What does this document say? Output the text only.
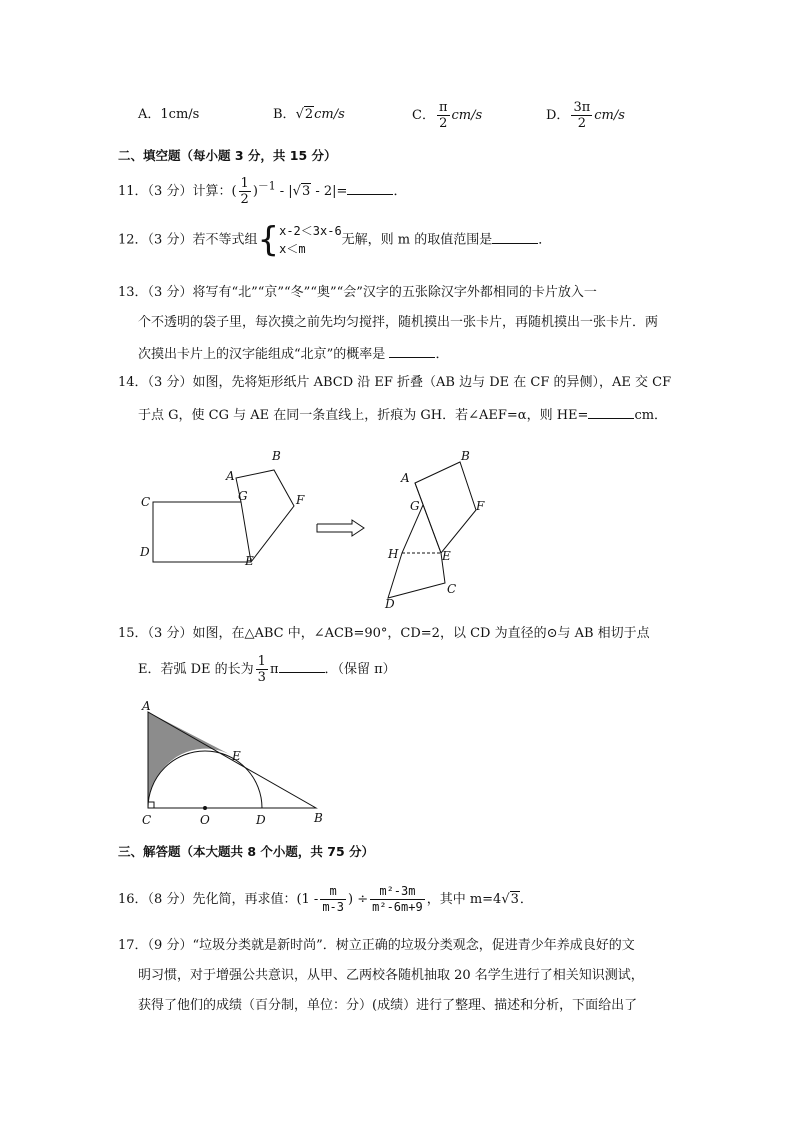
A．1cm/s	B．√2cm/s	C． $\frac{\pi}{2} cm/s$	D． $\frac{3\pi}{2} cm/s$
二、填空题（每小题 3 分，共 15 分）
11．（3 分）计算：( $\frac{1}{2} )^{-1} - |√3 - 2|=$	．
12．（3 分）若不等式组{ x-2＜3x-6
x＜m
无解，则 m 的取值范围是	．
13．（3 分）将写有“北”“京”“冬”“奥”“会”汉字的五张除汉字外都相同的卡片放入一
个不透明的袋子里，每次摸之前先均匀搅拌，随机摸出一张卡片，再随机摸出一张卡片．两
次摸出卡片上的汉字能组成“北京”的概率是	．
14．（3 分）如图，先将矩形纸片 ABCD 沿 EF 折叠（AB 边与 DE 在 CF 的异侧），AE 交 CF
于点 G，使 CG 与 AE 在同一条直线上，折痕为 GH．若∠AEF=α，则 HE=	cm．
A
B
C
D
E
F
G
A
B
C
D
E
F
G
H
15．（3 分）如图，在△ABC 中，∠ACB=90°，CD=2，以 CD 为直径的⊙与 AB 相切于点
E．若弧 DE 的长为 $\frac{1}{3}$ π	．（保留 π）
A
B
C	D
E
O
三、解答题（本大题共 8 个小题，共 75 分）
16．（8 分）先化简，再求值：($1 - \frac{m}{m-3}$ ) ÷ $\frac{\text{m²-3m}}{\text{m²-6m+9}}$ ，其中 m=4√3．
17．（9 分）“垃圾分类就是新时尚”．树立正确的垃圾分类观念，促进青少年养成良好的文
明习惯，对于增强公共意识，从甲、乙两校各随机抽取 20 名学生进行了相关知识测试，
获得了他们的成绩（百分制，单位：分）(成绩）进行了整理、描述和分析，下面给出了
